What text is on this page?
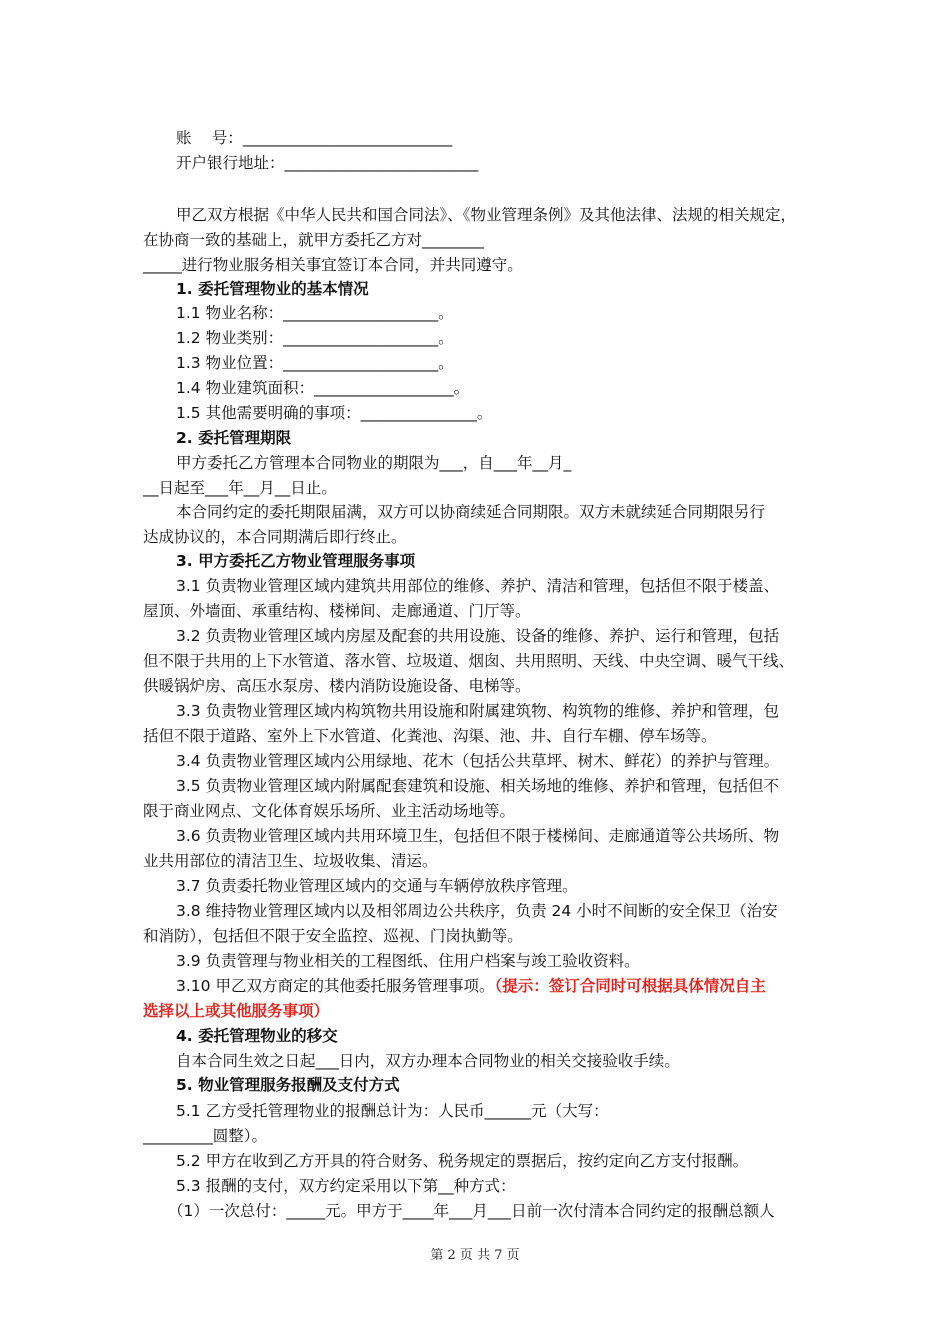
账　 号：___________________________
开户银行地址：_________________________
甲乙双方根据《中华人民共和国合同法》、《物业管理条例》及其他法律、法规的相关规定，
在协商一致的基础上，就甲方委托乙方对________
_____进行物业服务相关事宜签订本合同，并共同遵守。
1. 委托管理物业的基本情况
1.1 物业名称：____________________。
1.2 物业类别：____________________。
1.3 物业位置：____________________。
1.4 物业建筑面积：__________________。
1.5 其他需要明确的事项：_______________。
2. 委托管理期限
甲方委托乙方管理本合同物业的期限为___，自___年__月_
__日起至___年__月__日止。
本合同约定的委托期限届满，双方可以协商续延合同期限。双方未就续延合同期限另行
达成协议的，本合同期满后即行终止。
3. 甲方委托乙方物业管理服务事项
3.1 负责物业管理区域内建筑共用部位的维修、养护、清洁和管理，包括但不限于楼盖、
屋顶、外墙面、承重结构、楼梯间、走廊通道、门厅等。
3.2 负责物业管理区域内房屋及配套的共用设施、设备的维修、养护、运行和管理，包括
但不限于共用的上下水管道、落水管、垃圾道、烟囱、共用照明、天线、中央空调、暖气干线、
供暖锅炉房、高压水泵房、楼内消防设施设备、电梯等。
3.3 负责物业管理区域内构筑物共用设施和附属建筑物、构筑物的维修、养护和管理，包
括但不限于道路、室外上下水管道、化粪池、沟渠、池、井、自行车棚、停车场等。
3.4 负责物业管理区域内公用绿地、花木（包括公共草坪、树木、鲜花）的养护与管理。
3.5 负责物业管理区域内附属配套建筑和设施、相关场地的维修、养护和管理，包括但不
限于商业网点、文化体育娱乐场所、业主活动场地等。
3.6 负责物业管理区域内共用环境卫生，包括但不限于楼梯间、走廊通道等公共场所、物
业共用部位的清洁卫生、垃圾收集、清运。
3.7 负责委托物业管理区域内的交通与车辆停放秩序管理。
3.8 维持物业管理区域内以及相邻周边公共秩序，负责 24 小时不间断的安全保卫（治安
和消防），包括但不限于安全监控、巡视、门岗执勤等。
3.9 负责管理与物业相关的工程图纸、住用户档案与竣工验收资料。
3.10 甲乙双方商定的其他委托服务管理事项。（提示：签订合同时可根据具体情况自主
选择以上或其他服务事项）
4. 委托管理物业的移交
自本合同生效之日起___日内，双方办理本合同物业的相关交接验收手续。
5. 物业管理服务报酬及支付方式
5.1 乙方受托管理物业的报酬总计为：人民币______元（大写：
_________圆整）。
5.2 甲方在收到乙方开具的符合财务、税务规定的票据后，按约定向乙方支付报酬。
5.3 报酬的支付，双方约定采用以下第__种方式：
（1）一次总付：_____元。甲方于____年___月___日前一次付清本合同约定的报酬总额人
第 2 页 共 7 页
